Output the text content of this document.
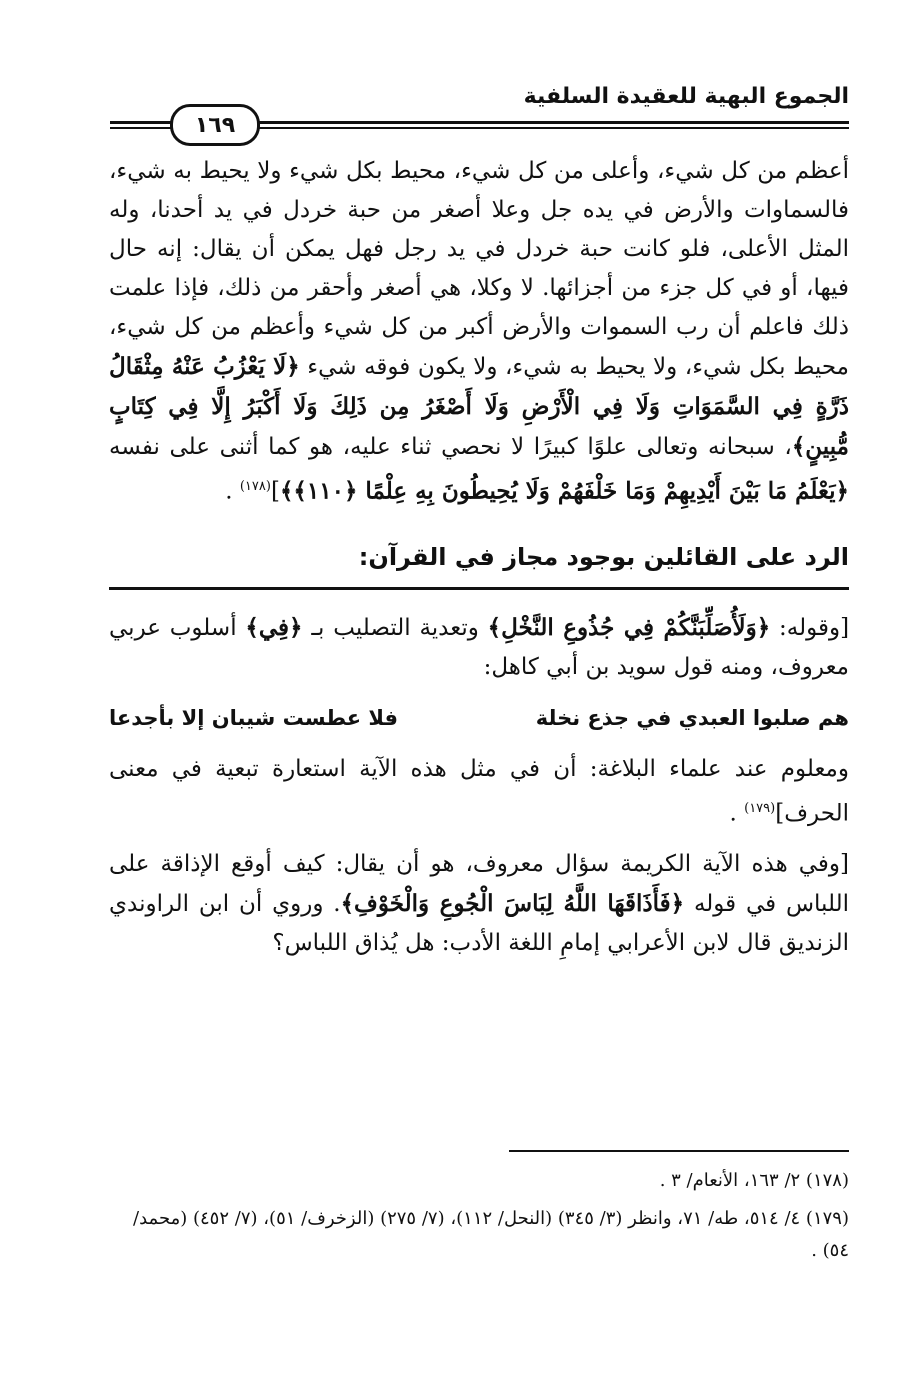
الجموع البهية للعقيدة السلفية
١٦٩

أعظم من كل شيء، وأعلى من كل شيء، محيط بكل شيء ولا يحيط به شيء، فالسماوات والأرض في يده جل وعلا أصغر من حبة خردل في يد أحدنا، وله المثل الأعلى، فلو كانت حبة خردل في يد رجل فهل يمكن أن يقال: إنه حال فيها، أو في كل جزء من أجزائها. لا وكلا، هي أصغر وأحقر من ذلك، فإذا علمت ذلك فاعلم أن رب السموات والأرض أكبر من كل شيء وأعظم من كل شيء، محيط بكل شيء، ولا يحيط به شيء، ولا يكون فوقه شيء ﴿لَا يَعْزُبُ عَنْهُ مِثْقَالُ ذَرَّةٍ فِي السَّمَوَاتِ وَلَا فِي الْأَرْضِ وَلَا أَصْغَرُ مِن ذَلِكَ وَلَا أَكْبَرُ إِلَّا فِي كِتَابٍ مُّبِينٍ﴾، سبحانه وتعالى علوًا كبيرًا لا نحصي ثناء عليه، هو كما أثنى على نفسه ﴿يَعْلَمُ مَا بَيْنَ أَيْدِيهِمْ وَمَا خَلْفَهُمْ وَلَا يُحِيطُونَ بِهِ عِلْمًا ﴿١١٠﴾﴾]$^{(١٧٨)}$ .

الرد على القائلين بوجود مجاز في القرآن:

[وقوله: ﴿وَلَأُصَلِّبَنَّكُمْ فِي جُذُوعِ النَّخْلِ﴾ وتعدية التصليب بـ ﴿فِي﴾ أسلوب عربي معروف، ومنه قول سويد بن أبي كاهل:

هم صلبوا العبدي في جذع نخلة
فلا عطست شيبان إلا بأجدعا

ومعلوم عند علماء البلاغة: أن في مثل هذه الآية استعارة تبعية في معنى الحرف]$^{(١٧٩)}$ .

[وفي هذه الآية الكريمة سؤال معروف، هو أن يقال: كيف أوقع الإذاقة على اللباس في قوله ﴿فَأَذَاقَهَا اللَّهُ لِبَاسَ الْجُوعِ وَالْخَوْفِ﴾. وروي أن ابن الراوندي الزنديق قال لابن الأعرابي إمامِ اللغة الأدب: هل يُذاق اللباس؟

(١٧٨) ٢/ ١٦٣، الأنعام/ ٣ .

(١٧٩) ٤/ ٥١٤، طه/ ٧١، وانظر (٣/ ٣٤٥) (النحل/ ١١٢)، (٧/ ٢٧٥) (الزخرف/ ٥١)، (٧/ ٤٥٢) (محمد/ ٥٤) .
